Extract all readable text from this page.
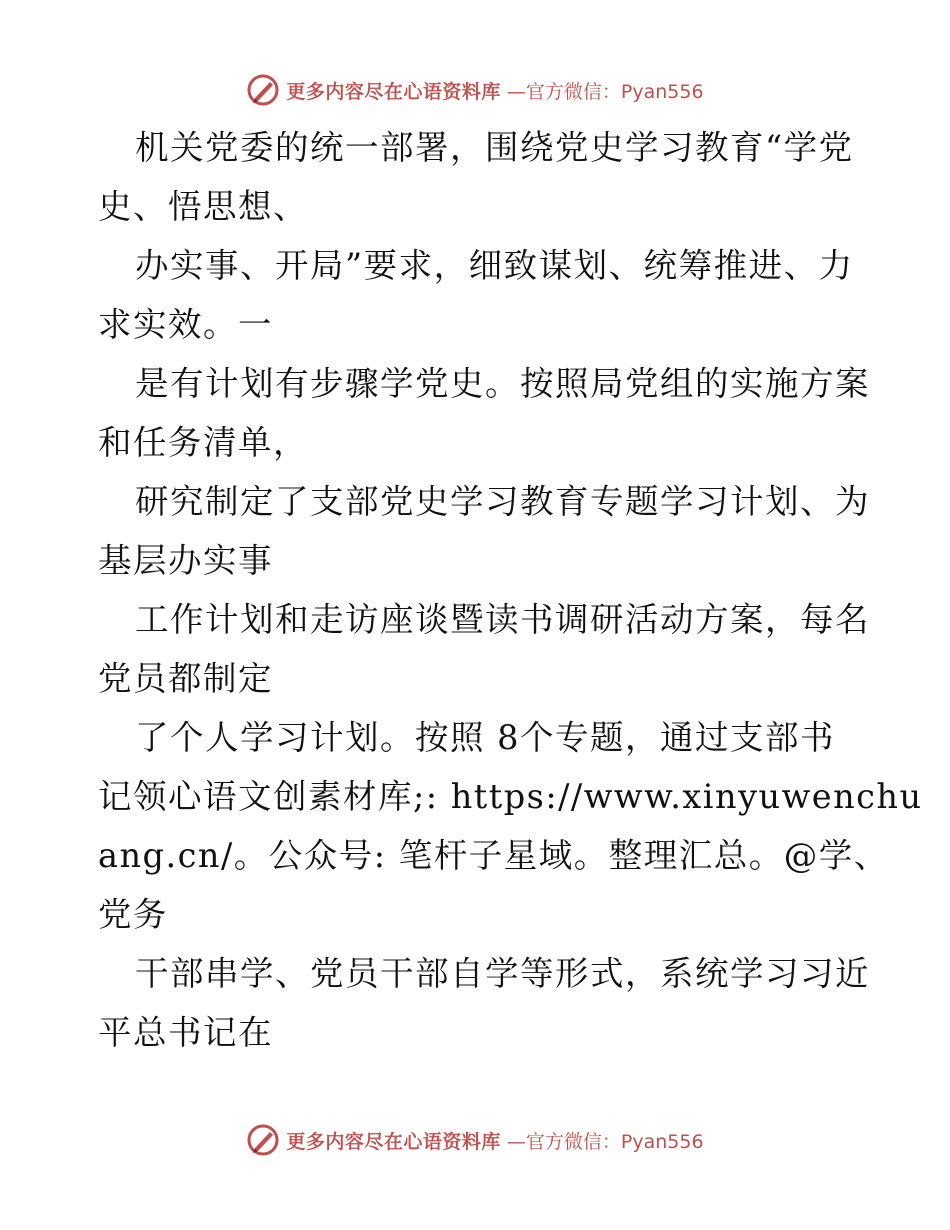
更多内容尽在心语资料库 —官方微信：Pyan556
机关党委的统一部署，围绕党史学习教育“学党
史、悟思想、
办实事、开局”要求，细致谋划、统筹推进、力
求实效。一
是有计划有步骤学党史。按照局党组的实施方案
和任务清单，
研究制定了支部党史学习教育专题学习计划、为
基层办实事
工作计划和走访座谈暨读书调研活动方案，每名
党员都制定
了个人学习计划。按照 8个专题，通过支部书
记领心语文创素材库;: https://www.xinyuwenchu
ang.cn/。公众号: 笔杆子星域。整理汇总。@学、
党务
干部串学、党员干部自学等形式，系统学习习近
平总书记在
更多内容尽在心语资料库 —官方微信：Pyan556
